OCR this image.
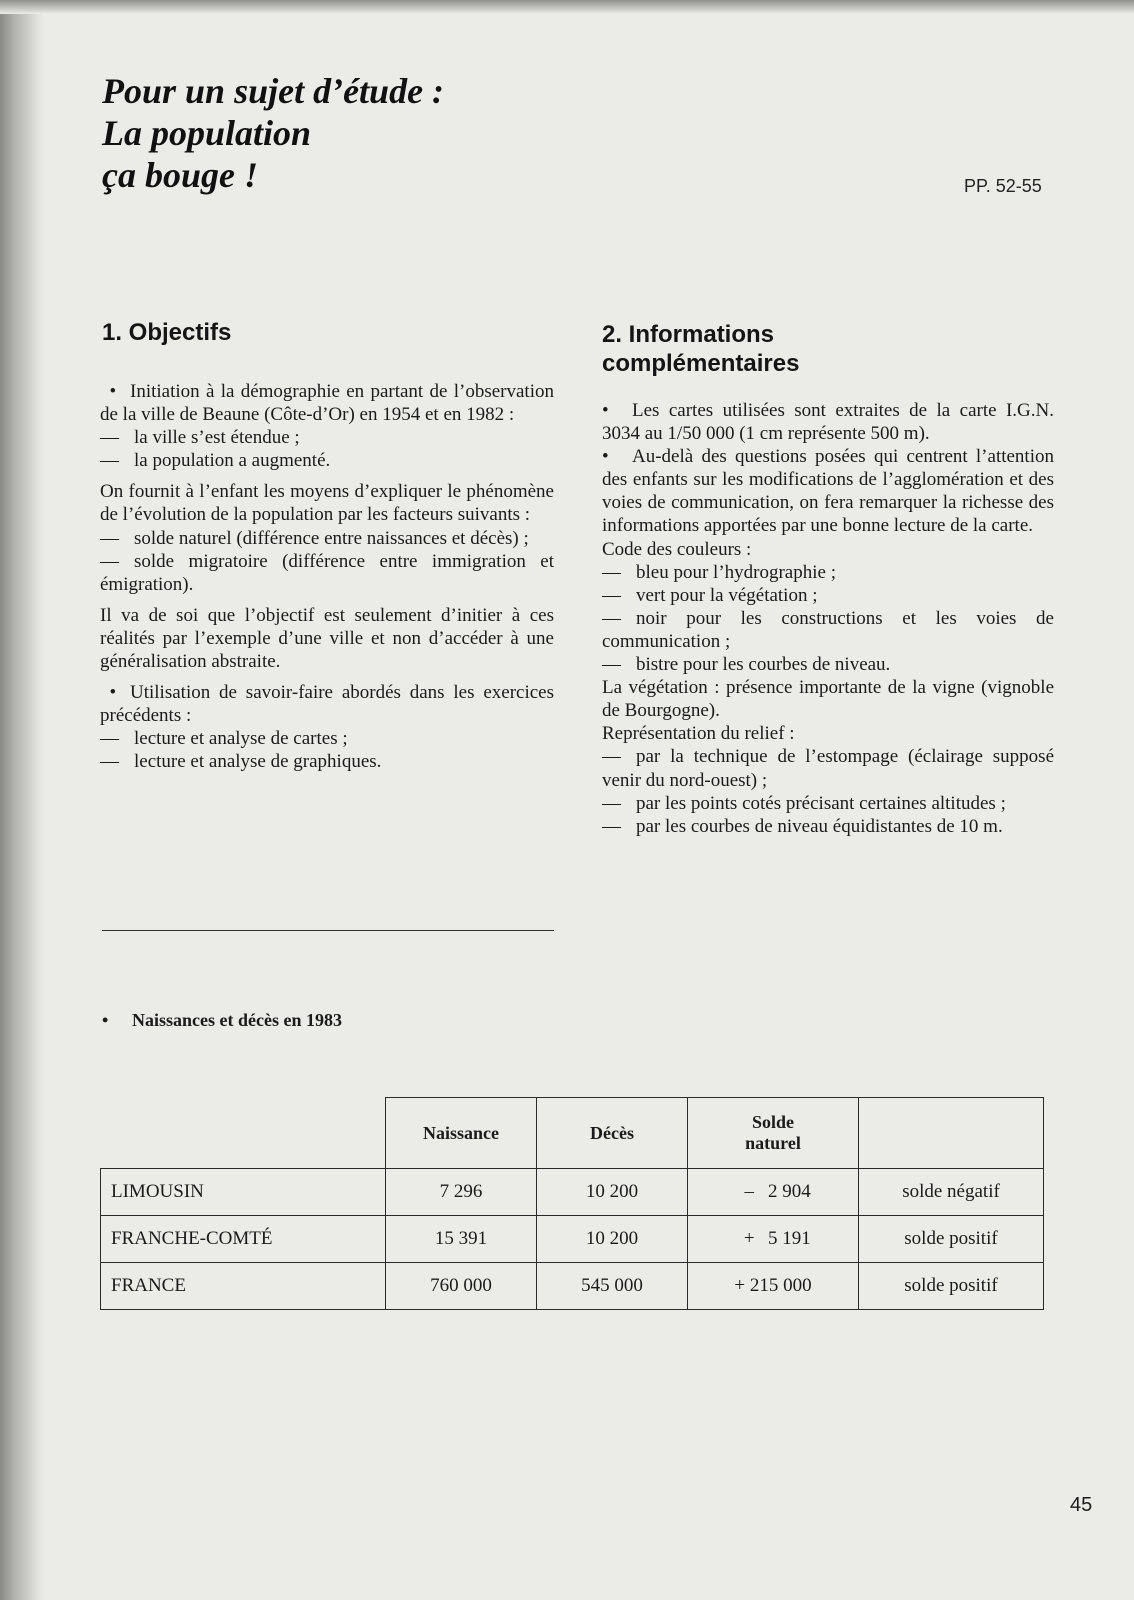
Pour un sujet d’étude :
La population
ça bouge !	PP. 52-55
1. Objectifs

• Initiation à la démographie en partant de l’observation de la ville de Beaune (Côte-d’Or) en 1954 et en 1982 :

— la ville s’est étendue ;

— la population a augmenté.

On fournit à l’enfant les moyens d’expliquer le phénomène de l’évolution de la population par les facteurs suivants :

— solde naturel (différence entre naissances et décès) ;

— solde migratoire (différence entre immigration et émigration).

Il va de soi que l’objectif est seulement d’initier à ces réalités par l’exemple d’une ville et non d’accéder à une généralisation abstraite.

• Utilisation de savoir-faire abordés dans les exercices précédents :

— lecture et analyse de cartes ;

— lecture et analyse de graphiques.

2. Informations
complémentaires

• Les cartes utilisées sont extraites de la carte I.G.N. 3034 au 1/50 000 (1 cm représente 500 m).

• Au-delà des questions posées qui centrent l’attention des enfants sur les modifications de l’agglomération et des voies de communication, on fera remarquer la richesse des informations apportées par une bonne lecture de la carte.

Code des couleurs :

— bleu pour l’hydrographie ;

— vert pour la végétation ;

— noir pour les constructions et les voies de communication ;

— bistre pour les courbes de niveau.

La végétation : présence importante de la vigne (vignoble de Bourgogne).

Représentation du relief :

— par la technique de l’estompage (éclairage supposé venir du nord-ouest) ;

— par les points cotés précisant certaines altitudes ;

— par les courbes de niveau équidistantes de 10 m.

• Naissances et décès en 1983
	Naissance	Décès	Solde naturel	
LIMOUSIN	7 296	10 200	– 2 904	solde négatif
FRANCHE-COMTÉ	15 391	10 200	+ 5 191	solde positif
FRANCE	760 000	545 000	+ 215 000	solde positif
45
